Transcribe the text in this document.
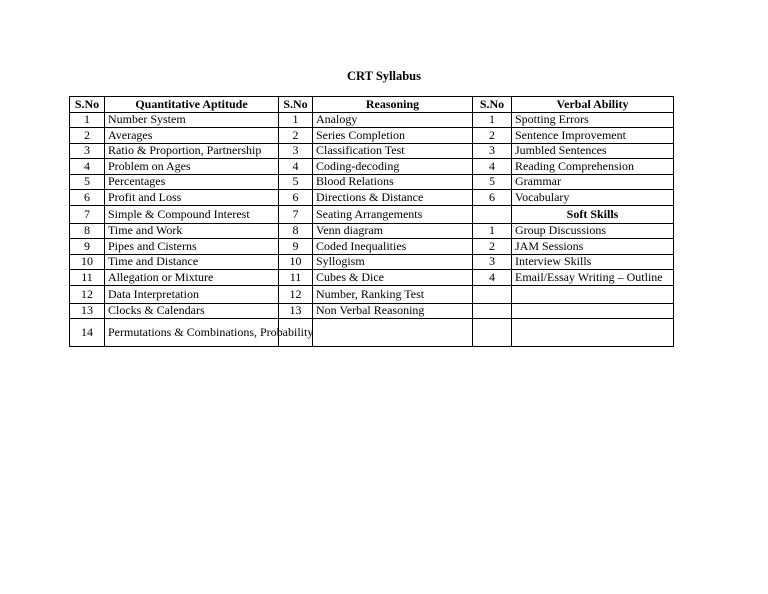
CRT Syllabus
S.No	Quantitative Aptitude	S.No	Reasoning	S.No	Verbal Ability
1	Number System	1	Analogy	1	Spotting Errors
2	Averages	2	Series Completion	2	Sentence Improvement
3	Ratio & Proportion, Partnership	3	Classification Test	3	Jumbled Sentences
4	Problem on Ages	4	Coding-decoding	4	Reading Comprehension
5	Percentages	5	Blood Relations	5	Grammar
6	Profit and Loss	6	Directions & Distance	6	Vocabulary
7	Simple & Compound Interest	7	Seating Arrangements		Soft Skills
8	Time and Work	8	Venn diagram	1	Group Discussions
9	Pipes and Cisterns	9	Coded Inequalities	2	JAM Sessions
10	Time and Distance	10	Syllogism	3	Interview Skills
11	Allegation or Mixture	11	Cubes & Dice	4	Email/Essay Writing – Outline
12	Data Interpretation	12	Number, Ranking Test		
13	Clocks & Calendars	13	Non Verbal Reasoning		
14	Permutations & Combinations, Probability				
